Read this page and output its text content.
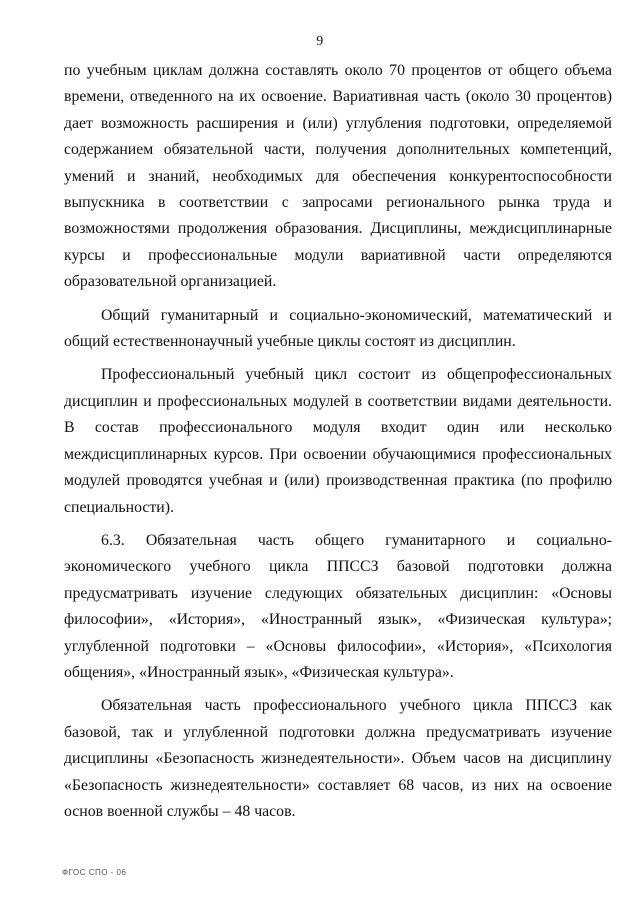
9

по учебным циклам должна составлять около 70 процентов от общего объема времени, отведенного на их освоение. Вариативная часть (около 30 процентов) дает возможность расширения и (или) углубления подготовки, определяемой содержанием обязательной части, получения дополнительных компетенций, умений и знаний, необходимых для обеспечения конкурентоспособности выпускника в соответствии с запросами регионального рынка труда и возможностями продолжения образования. Дисциплины, междисциплинарные курсы и профессиональные модули вариативной части определяются образовательной организацией.

Общий гуманитарный и социально-экономический, математический и общий естественнонаучный учебные циклы состоят из дисциплин.

Профессиональный учебный цикл состоит из общепрофессиональных дисциплин и профессиональных модулей в соответствии видами деятельности. В состав профессионального модуля входит один или несколько междисциплинарных курсов. При освоении обучающимися профессиональных модулей проводятся учебная и (или) производственная практика (по профилю специальности).

6.3. Обязательная часть общего гуманитарного и социально-экономического учебного цикла ППССЗ базовой подготовки должна предусматривать изучение следующих обязательных дисциплин: «Основы философии», «История», «Иностранный язык», «Физическая культура»; углубленной подготовки – «Основы философии», «История», «Психология общения», «Иностранный язык», «Физическая культура».

Обязательная часть профессионального учебного цикла ППССЗ как базовой, так и углубленной подготовки должна предусматривать изучение дисциплины «Безопасность жизнедеятельности». Объем часов на дисциплину «Безопасность жизнедеятельности» составляет 68 часов, из них на освоение основ военной службы – 48 часов.

ФГОС СПО - 06
